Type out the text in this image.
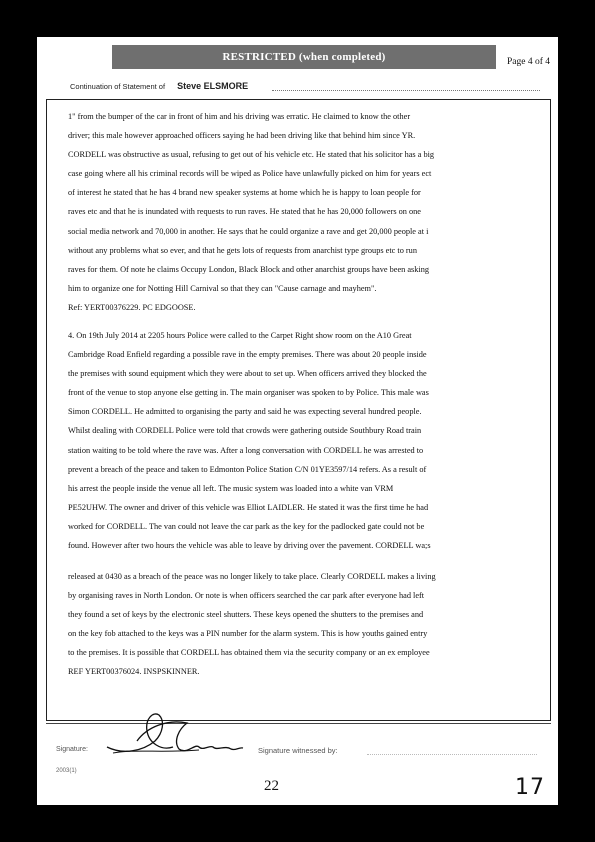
RESTRICTED (when completed)	Page 4 of 4
Continuation of Statement of Steve ELSMORE

1" from the bumper of the car in front of him and his driving was erratic. He claimed to know the other

driver; this male however approached officers saying he had been driving like that behind him since YR.

CORDELL was obstructive as usual, refusing to get out of his vehicle etc. He stated that his solicitor has a big

case going where all his criminal records will be wiped as Police have unlawfully picked on him for years ect

of interest he stated that he has 4 brand new speaker systems at home which he is happy to loan people for

raves etc and that he is inundated with requests to run raves. He stated that he has 20,000 followers on one

social media network and 70,000 in another. He says that he could organize a rave and get 20,000 people at i

without any problems what so ever, and that he gets lots of requests from anarchist type groups etc to run

raves for them. Of note he claims Occupy London, Black Block and other anarchist groups have been asking

him to organize one for Notting Hill Carnival so that they can "Cause carnage and mayhem".

Ref: YERT00376229. PC EDGOOSE.

4. On 19th July 2014 at 2205 hours Police were called to the Carpet Right show room on the A10 Great

Cambridge Road Enfield regarding a possible rave in the empty premises. There was about 20 people inside

the premises with sound equipment which they were about to set up. When officers arrived they blocked the

front of the venue to stop anyone else getting in. The main organiser was spoken to by Police. This male was

Simon CORDELL. He admitted to organising the party and said he was expecting several hundred people.

Whilst dealing with CORDELL Police were told that crowds were gathering outside Southbury Road train

station waiting to be told where the rave was. After a long conversation with CORDELL he was arrested to

prevent a breach of the peace and taken to Edmonton Police Station C/N 01YE3597/14 refers. As a result of

his arrest the people inside the venue all left. The music system was loaded into a white van VRM

PE52UHW. The owner and driver of this vehicle was Elliot LAIDLER. He stated it was the first time he had

worked for CORDELL. The van could not leave the car park as the key for the padlocked gate could not be

found. However after two hours the vehicle was able to leave by driving over the pavement. CORDELL wa;s

released at 0430 as a breach of the peace was no longer likely to take place. Clearly CORDELL makes a living

by organising raves in North London. Or note is when officers searched the car park after everyone had left

they found a set of keys by the electronic steel shutters. These keys opened the shutters to the premises and

on the key fob attached to the keys was a PIN number for the alarm system. This is how youths gained entry

to the premises. It is possible that CORDELL has obtained them via the security company or an ex employee

REF YERT00376024. INSPSKINNER.

Signature:	Signature witnessed by:
2003(1)
22	17
